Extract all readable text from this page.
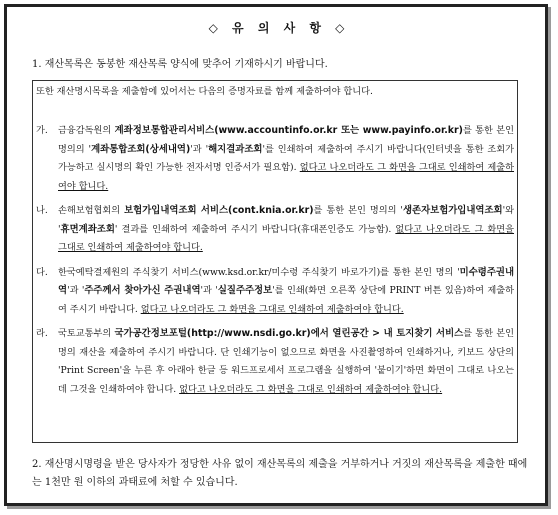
◇ 유 의 사 항 ◇
1. 재산목록은 동봉한 재산목록 양식에 맞추어 기재하시기 바랍니다.
또한 재산명시목록을 제출함에 있어서는 다음의 증명자료를 함께 제출하여야 합니다.
가.	금융감독원의 계좌정보통합관리서비스(www.accountinfo.or.kr 또는 www.payinfo.or.kr)를 통한 본인 명의의 '계좌통합조회(상세내역)'과 '해지결과조회'를 인쇄하여 제출하여 주시기 바랍니다(인터넷을 통한 조회가 가능하고 실시명의 확인 가능한 전자서명 인증서가 필요함). 없다고 나오더라도 그 화면을 그대로 인쇄하여 제출하여야 합니다.
나.	손해보험협회의 보험가입내역조회 서비스(cont.knia.or.kr)를 통한 본인 명의의 '생존자보험가입내역조회'와 '휴면계좌조회' 결과를 인쇄하여 제출하여 주시기 바랍니다(휴대폰인증도 가능함). 없다고 나오더라도 그 화면을 그대로 인쇄하여 제출하여야 합니다.
다.	한국예탁결제원의 주식찾기 서비스(www.ksd.or.kr/미수령 주식찾기 바로가기)를 통한 본인 명의 '미수령주권내역'과 '주주께서 찾아가신 주권내역'과 '실질주주정보'를 인쇄(화면 오른쪽 상단에 PRINT 버튼 있음)하여 제출하여 주시기 바랍니다. 없다고 나오더라도 그 화면을 그대로 인쇄하여 제출하여야 합니다.
라.	국토교통부의 국가공간정보포털(http://www.nsdi.go.kr)에서 열린공간 > 내 토지찾기 서비스를 통한 본인 명의 재산을 제출하여 주시기 바랍니다. 단 인쇄기능이 없으므로 화면을 사진촬영하여 인쇄하거나, 키보드 상단의 'Print Screen'을 누른 후 아래아 한글 등 워드프로세서 프로그램을 실행하여 '붙이기'하면 화면이 그대로 나오는데 그것을 인쇄하여야 합니다. 없다고 나오더라도 그 화면을 그대로 인쇄하여 제출하여야 합니다.
2. 재산명시명령을 받은 당사자가 정당한 사유 없이 재산목록의 제출을 거부하거나 거짓의 재산목록을 제출한 때에는 1천만 원 이하의 과태료에 처할 수 있습니다.
